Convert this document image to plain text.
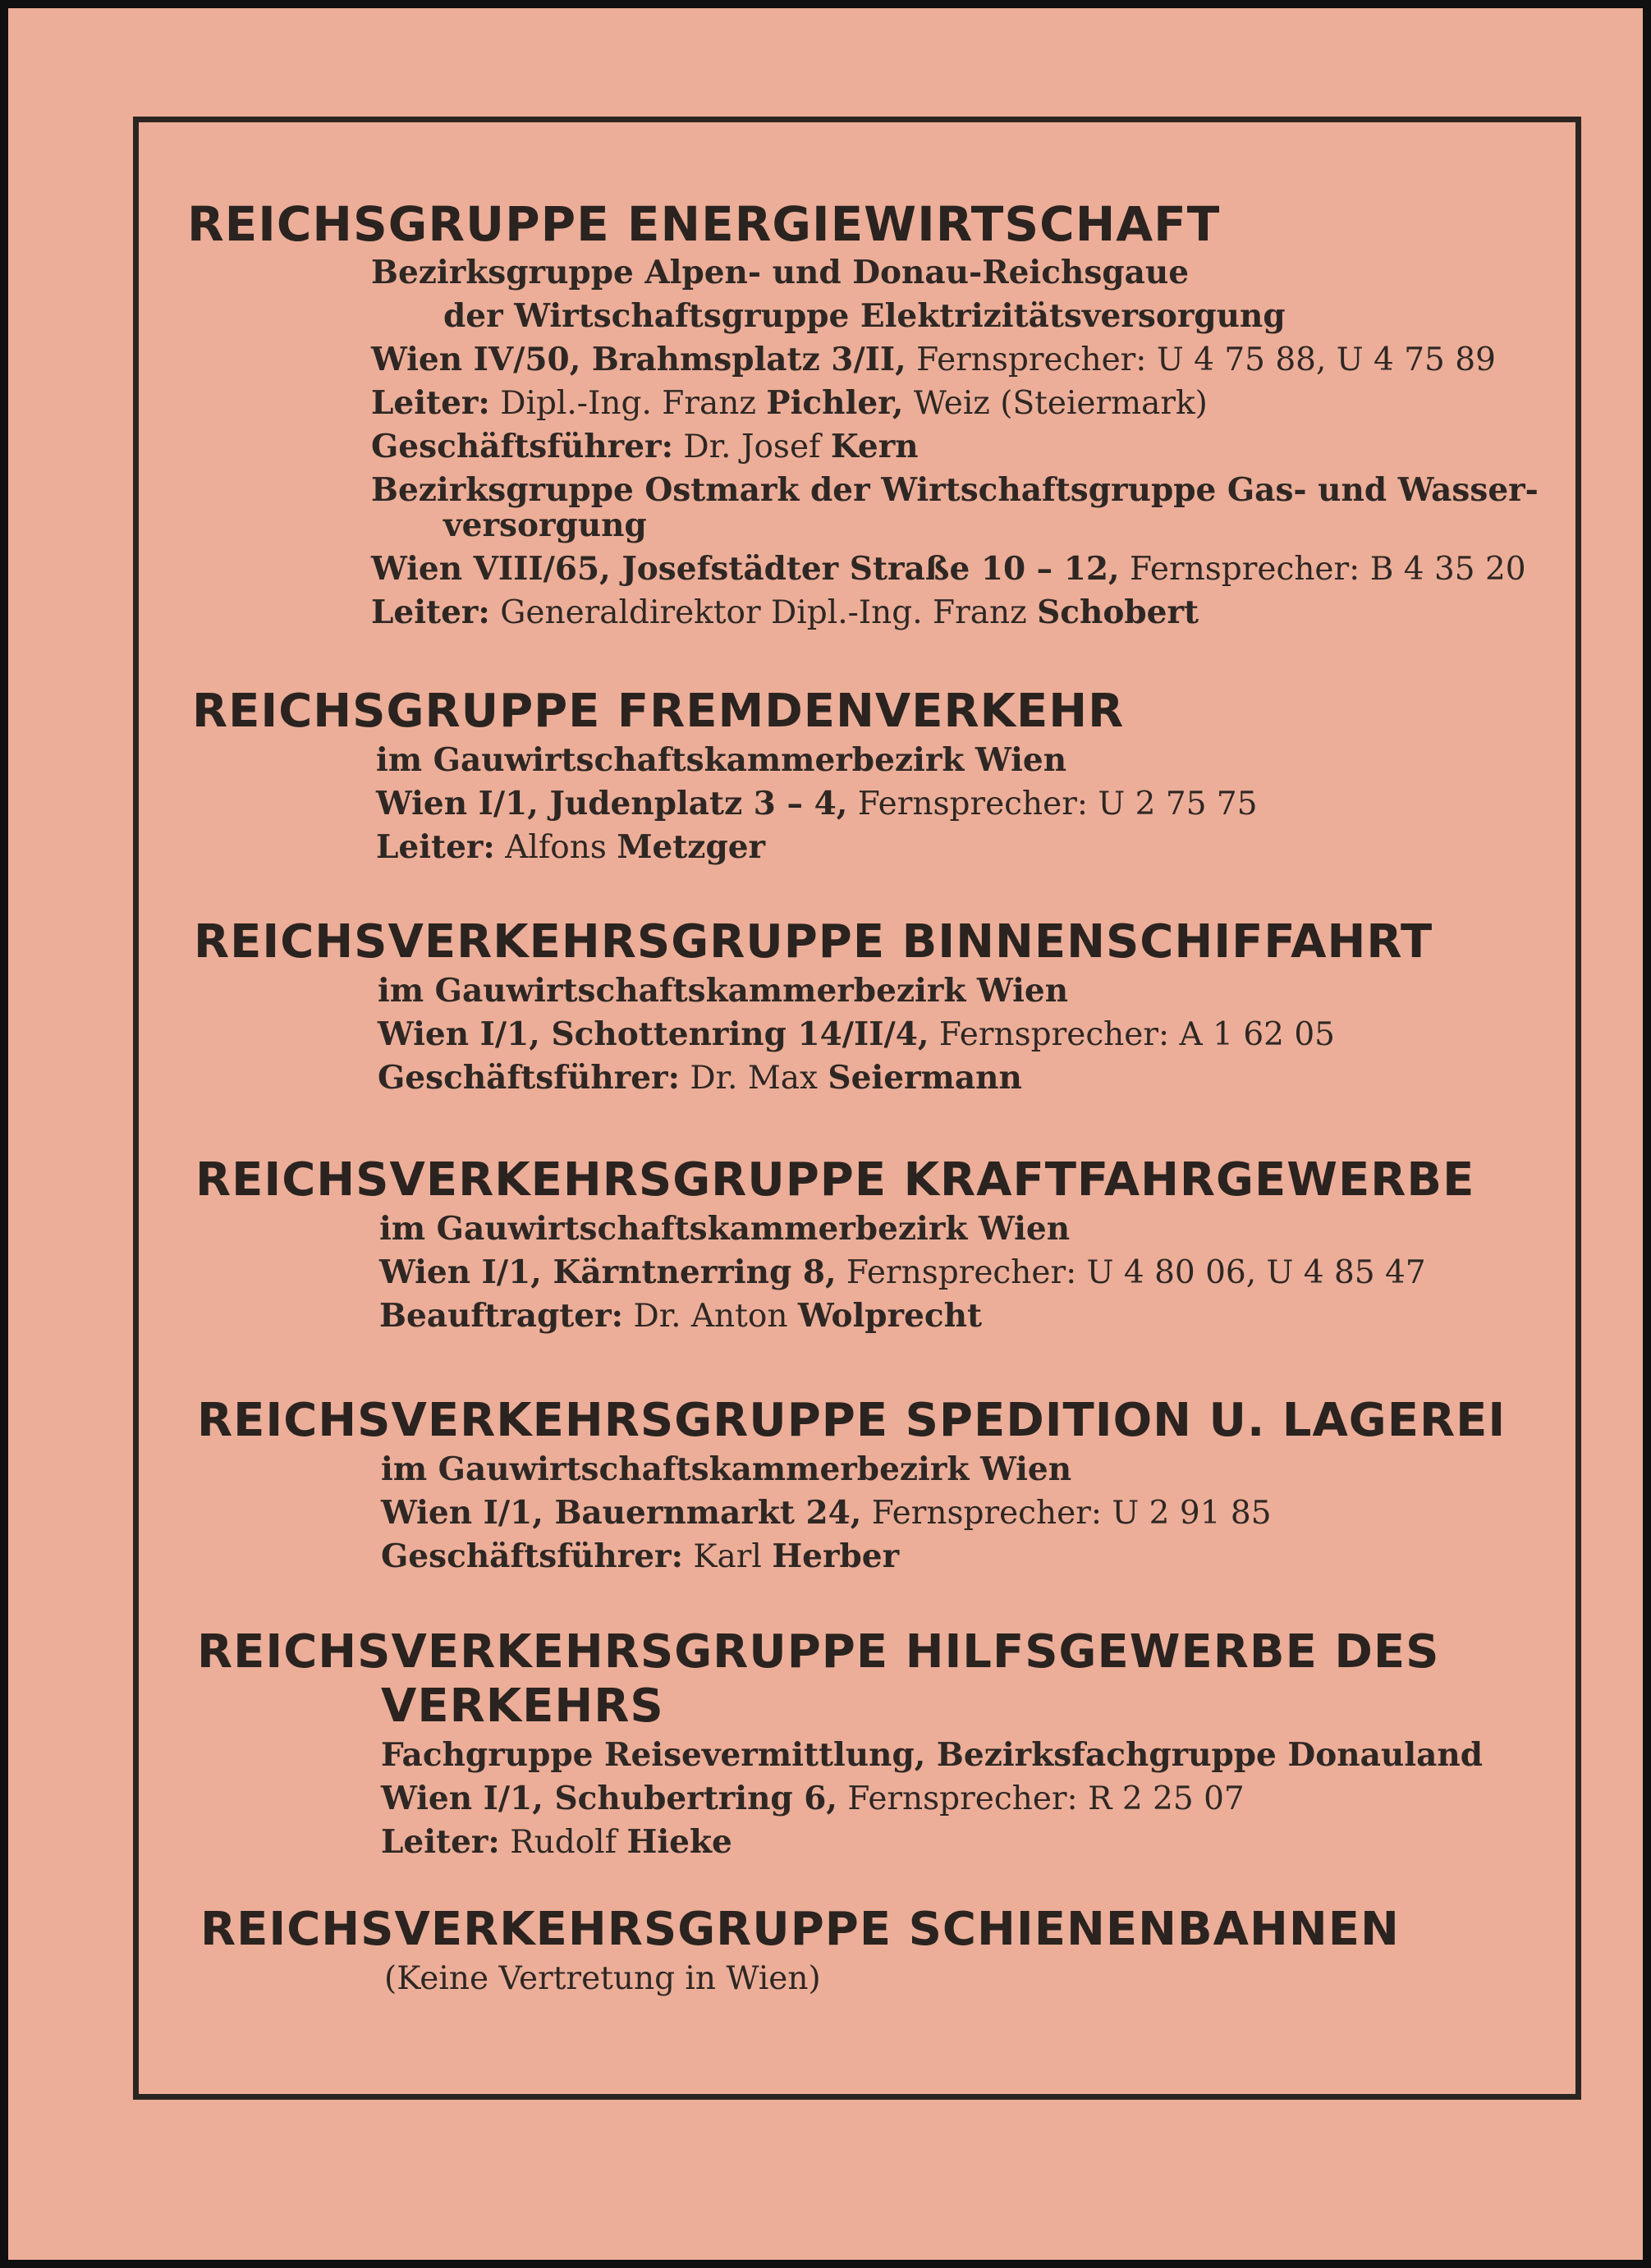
REICHSGRUPPE ENERGIEWIRTSCHAFT
Bezirksgruppe Alpen- und Donau-Reichsgaue
der Wirtschaftsgruppe Elektrizitätsversorgung
Wien IV/50, Brahmsplatz 3/II, Fernsprecher: U 4 75 88, U 4 75 89
Leiter: Dipl.-Ing. Franz Pichler, Weiz (Steiermark)
Geschäftsführer: Dr. Josef Kern
Bezirksgruppe Ostmark der Wirtschaftsgruppe Gas- und Wasser-
versorgung
Wien VIII/65, Josefstädter Straße 10 – 12, Fernsprecher: B 4 35 20
Leiter: Generaldirektor Dipl.-Ing. Franz Schobert
REICHSGRUPPE FREMDENVERKEHR
im Gauwirtschaftskammerbezirk Wien
Wien I/1, Judenplatz 3 – 4, Fernsprecher: U 2 75 75
Leiter: Alfons Metzger
REICHSVERKEHRSGRUPPE BINNENSCHIFFAHRT
im Gauwirtschaftskammerbezirk Wien
Wien I/1, Schottenring 14/II/4, Fernsprecher: A 1 62 05
Geschäftsführer: Dr. Max Seiermann
REICHSVERKEHRSGRUPPE KRAFTFAHRGEWERBE
im Gauwirtschaftskammerbezirk Wien
Wien I/1, Kärntnerring 8, Fernsprecher: U 4 80 06, U 4 85 47
Beauftragter: Dr. Anton Wolprecht
REICHSVERKEHRSGRUPPE SPEDITION U. LAGEREI
im Gauwirtschaftskammerbezirk Wien
Wien I/1, Bauernmarkt 24, Fernsprecher: U 2 91 85
Geschäftsführer: Karl Herber
REICHSVERKEHRSGRUPPE HILFSGEWERBE DES
VERKEHRS
Fachgruppe Reisevermittlung, Bezirksfachgruppe Donauland
Wien I/1, Schubertring 6, Fernsprecher: R 2 25 07
Leiter: Rudolf Hieke
REICHSVERKEHRSGRUPPE SCHIENENBAHNEN
(Keine Vertretung in Wien)
